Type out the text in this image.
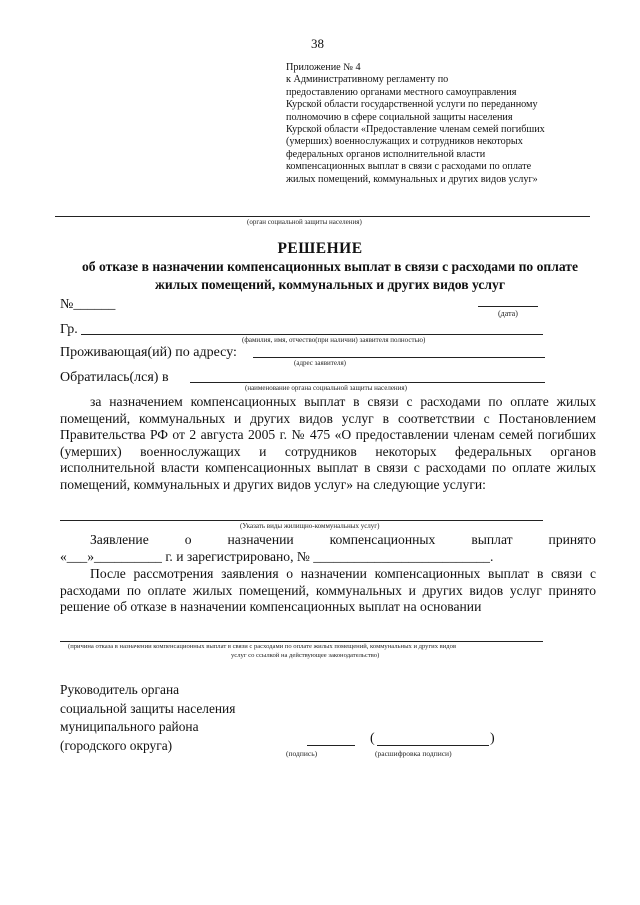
38
Приложение № 4
к Административному регламенту по
предоставлению органами местного самоуправления
Курской области государственной услуги по переданному
полномочию в сфере социальной защиты населения
Курской области «Предоставление членам семей погибших
(умерших) военнослужащих и сотрудников некоторых
федеральных органов исполнительной власти
компенсационных выплат в связи с расходами по оплате
жилых помещений, коммунальных и других видов услуг»
(орган социальной защиты населения)
РЕШЕНИЕ
об отказе в назначении компенсационных выплат в связи с расходами по оплате жилых помещений, коммунальных и других видов услуг
№______
(дата)
Гр.
(фамилия, имя, отчество(при наличии) заявителя полностью)
Проживающая(ий) по адресу:
(адрес заявителя)
Обратилась(лся) в
(наименование органа социальной защиты населения)
за назначением компенсационных выплат в связи с расходами по оплате жилых помещений, коммунальных и других видов услуг в соответствии с Постановлением Правительства РФ от 2 августа 2005 г. № 475 «О предоставлении членам семей погибших (умерших) военнослужащих и сотрудников некоторых федеральных органов исполнительной власти компенсационных выплат в связи с расходами по оплате жилых помещений, коммунальных и других видов услуг» на следующие услуги:
(Указать виды жилищно-коммунальных услуг)
Заявление	о	назначении	компенсационных	выплат	принято
«___»__________ г. и зарегистрировано, № __________________________.
После рассмотрения заявления о назначении компенсационных выплат в связи с расходами по оплате жилых помещений, коммунальных и других видов услуг принято решение об отказе в назначении компенсационных выплат на основании
(причина отказа в назначении компенсационных выплат в связи с расходами по оплате жилых помещений, коммунальных и других видов
услуг со ссылкой на действующее законодательство)
Руководитель органа
социальной защиты населения
муниципального района
(городского округа)
(подпись)
(	)
(расшифровка подписи)
